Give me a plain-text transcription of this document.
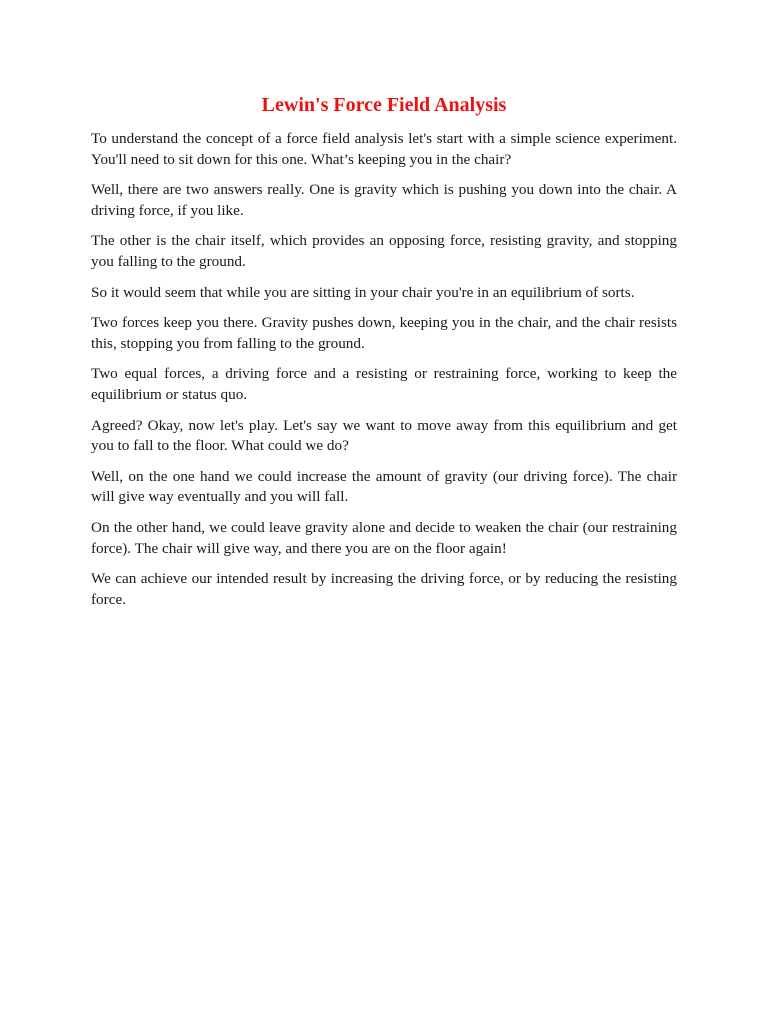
Lewin's Force Field Analysis

To understand the concept of a force field analysis let's start with a simple science experiment. You'll need to sit down for this one. What’s keeping you in the chair?

Well, there are two answers really. One is gravity which is pushing you down into the chair. A driving force, if you like.

The other is the chair itself, which provides an opposing force, resisting gravity, and stopping you falling to the ground.

So it would seem that while you are sitting in your chair you're in an equilibrium of sorts.

Two forces keep you there. Gravity pushes down, keeping you in the chair, and the chair resists this, stopping you from falling to the ground.

Two equal forces, a driving force and a resisting or restraining force, working to keep the equilibrium or status quo.

Agreed? Okay, now let's play. Let's say we want to move away from this equilibrium and get you to fall to the floor. What could we do?

Well, on the one hand we could increase the amount of gravity (our driving force). The chair will give way eventually and you will fall.

On the other hand, we could leave gravity alone and decide to weaken the chair (our restraining force). The chair will give way, and there you are on the floor again!

We can achieve our intended result by increasing the driving force, or by reducing the resisting force.
